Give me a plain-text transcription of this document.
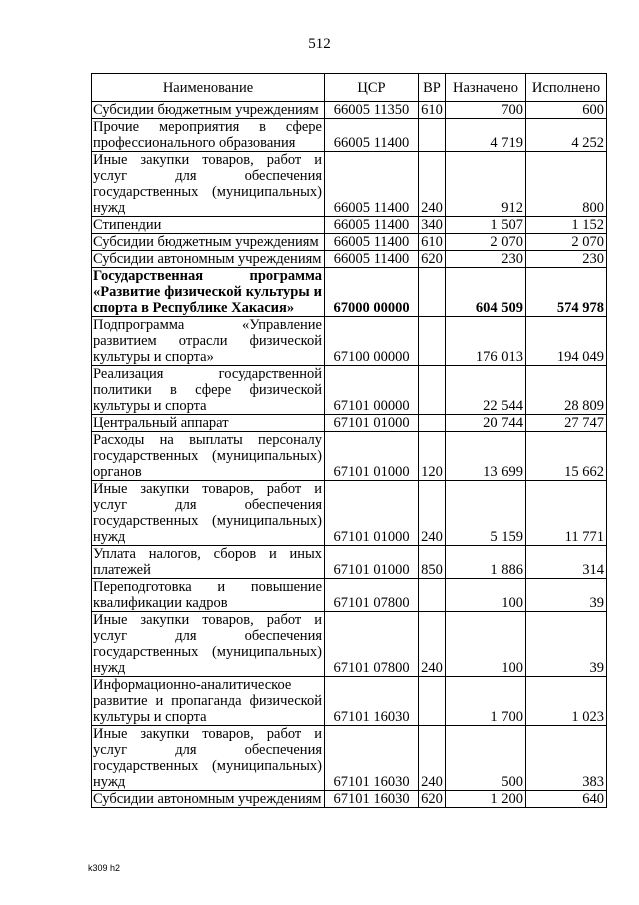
512
Наименование	ЦСР	ВР	Назначено	Исполнено
Субсидии бюджетным учреждениям	66005 11350	610	700	600
Прочие мероприятия в сфере профессионального образования	66005 11400		4 719	4 252
Иные закупки товаров, работ и услуг для обеспечения государственных (муниципальных) нужд	66005 11400	240	912	800
Стипендии	66005 11400	340	1 507	1 152
Субсидии бюджетным учреждениям	66005 11400	610	2 070	2 070
Субсидии автономным учреждениям	66005 11400	620	230	230
Государственная программа «Развитие физической культуры и спорта в Республике Хакасия»	67000 00000		604 509	574 978
Подпрограмма «Управление развитием отрасли физической культуры и спорта»	67100 00000		176 013	194 049
Реализация государственной политики в сфере физической культуры и спорта	67101 00000		22 544	28 809
Центральный аппарат	67101 01000		20 744	27 747
Расходы на выплаты персоналу государственных (муниципальных) органов	67101 01000	120	13 699	15 662
Иные закупки товаров, работ и услуг для обеспечения государственных (муниципальных) нужд	67101 01000	240	5 159	11 771
Уплата налогов, сборов и иных платежей	67101 01000	850	1 886	314
Переподготовка и повышение квалификации кадров	67101 07800		100	39
Иные закупки товаров, работ и услуг для обеспечения государственных (муниципальных) нужд	67101 07800	240	100	39
Информационно-аналитическое развитие и пропаганда физической культуры и спорта	67101 16030		1 700	1 023
Иные закупки товаров, работ и услуг для обеспечения государственных (муниципальных) нужд	67101 16030	240	500	383
Субсидии автономным учреждениям	67101 16030	620	1 200	640
k309 h2
